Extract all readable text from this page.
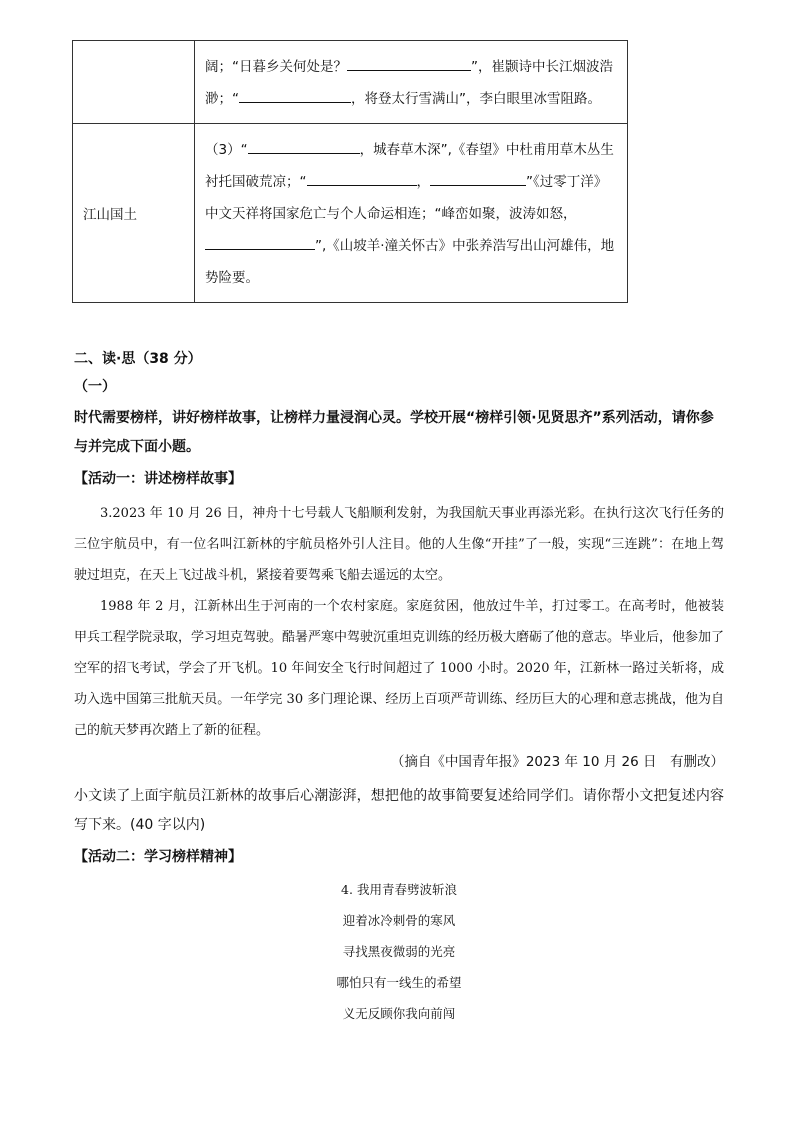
	阔；“日暮乡关何处是？ ”，崔颢诗中长江烟波浩渺；“ ，将登太行雪满山”，李白眼里冰雪阻路。
江山国土	（3）“ ，城春草木深”,《春望》中杜甫用草木丛生衬托国破荒凉；“ ， ”《过零丁洋》中文天祥将国家危亡与个人命运相连；“峰峦如聚，波涛如怒，”,《山坡羊·潼关怀古》中张养浩写出山河雄伟，地势险要。
二、读·思（38 分）
（一）
时代需要榜样，讲好榜样故事，让榜样力量浸润心灵。学校开展“榜样引领·见贤思齐”系列活动，请你参与并完成下面小题。
【活动一：讲述榜样故事】

3.2023 年 10 月 26 日，神舟十七号载人飞船顺利发射，为我国航天事业再添光彩。在执行这次飞行任务的三位宇航员中，有一位名叫江新林的宇航员格外引人注目。他的人生像“开挂”了一般，实现“三连跳”：在地上驾驶过坦克，在天上飞过战斗机，紧接着要驾乘飞船去遥远的太空。

1988 年 2 月，江新林出生于河南的一个农村家庭。家庭贫困，他放过牛羊，打过零工。在高考时，他被装甲兵工程学院录取，学习坦克驾驶。酷暑严寒中驾驶沉重坦克训练的经历极大磨砺了他的意志。毕业后，他参加了空军的招飞考试，学会了开飞机。10 年间安全飞行时间超过了 1000 小时。2020 年，江新林一路过关斩将，成功入选中国第三批航天员。一年学完 30 多门理论课、经历上百项严苛训练、经历巨大的心理和意志挑战，他为自己的航天梦再次踏上了新的征程。

（摘自《中国青年报》2023 年 10 月 26 日　有删改）
小文读了上面宇航员江新林的故事后心潮澎湃，想把他的故事简要复述给同学们。请你帮小文把复述内容写下来。(40 字以内)
【活动二：学习榜样精神】
4. 我用青春劈波斩浪
迎着冰冷刺骨的寒风
寻找黑夜微弱的光亮
哪怕只有一线生的希望
义无反顾你我向前闯
